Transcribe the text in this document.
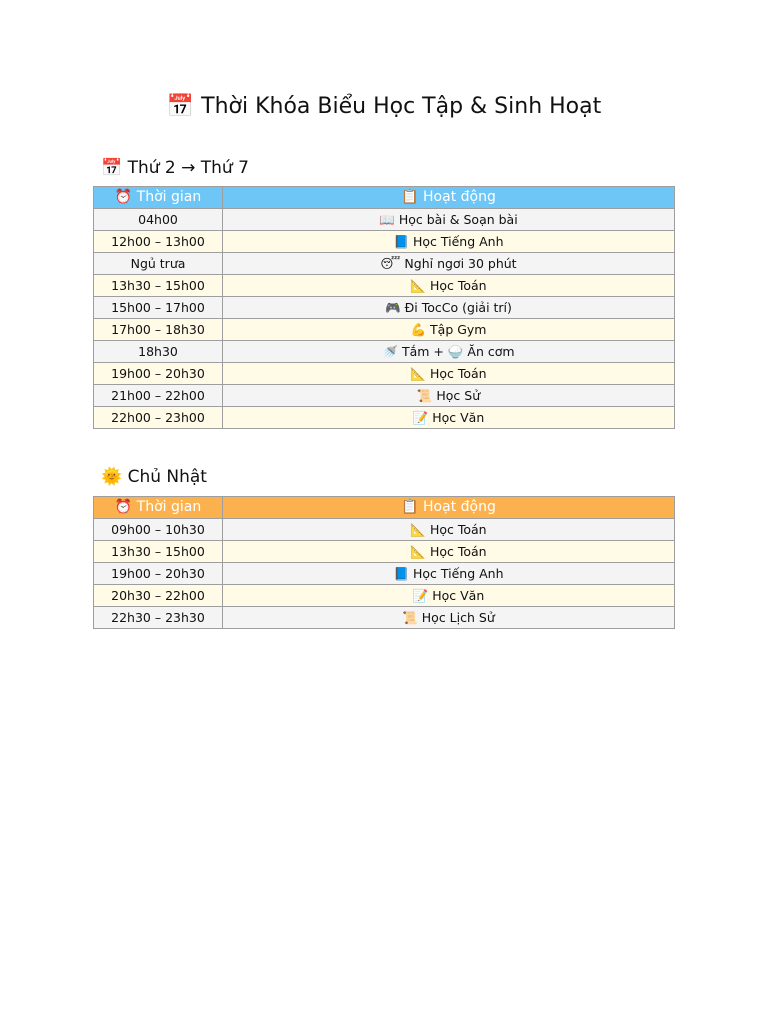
📅 Thời Khóa Biểu Học Tập & Sinh Hoạt
📅 Thứ 2 → Thứ 7
⏰ Thời gian	📋 Hoạt động
04h00	📖 Học bài & Soạn bài
12h00 – 13h00	📘 Học Tiếng Anh
Ngủ trưa	😴 Nghỉ ngơi 30 phút
13h30 – 15h00	📐 Học Toán
15h00 – 17h00	🎮 Đi TocCo (giải trí)
17h00 – 18h30	💪 Tập Gym
18h30	🚿 Tắm + 🍚 Ăn cơm
19h00 – 20h30	📐 Học Toán
21h00 – 22h00	📜 Học Sử
22h00 – 23h00	📝 Học Văn
🌞 Chủ Nhật
⏰ Thời gian	📋 Hoạt động
09h00 – 10h30	📐 Học Toán
13h30 – 15h00	📐 Học Toán
19h00 – 20h30	📘 Học Tiếng Anh
20h30 – 22h00	📝 Học Văn
22h30 – 23h30	📜 Học Lịch Sử
